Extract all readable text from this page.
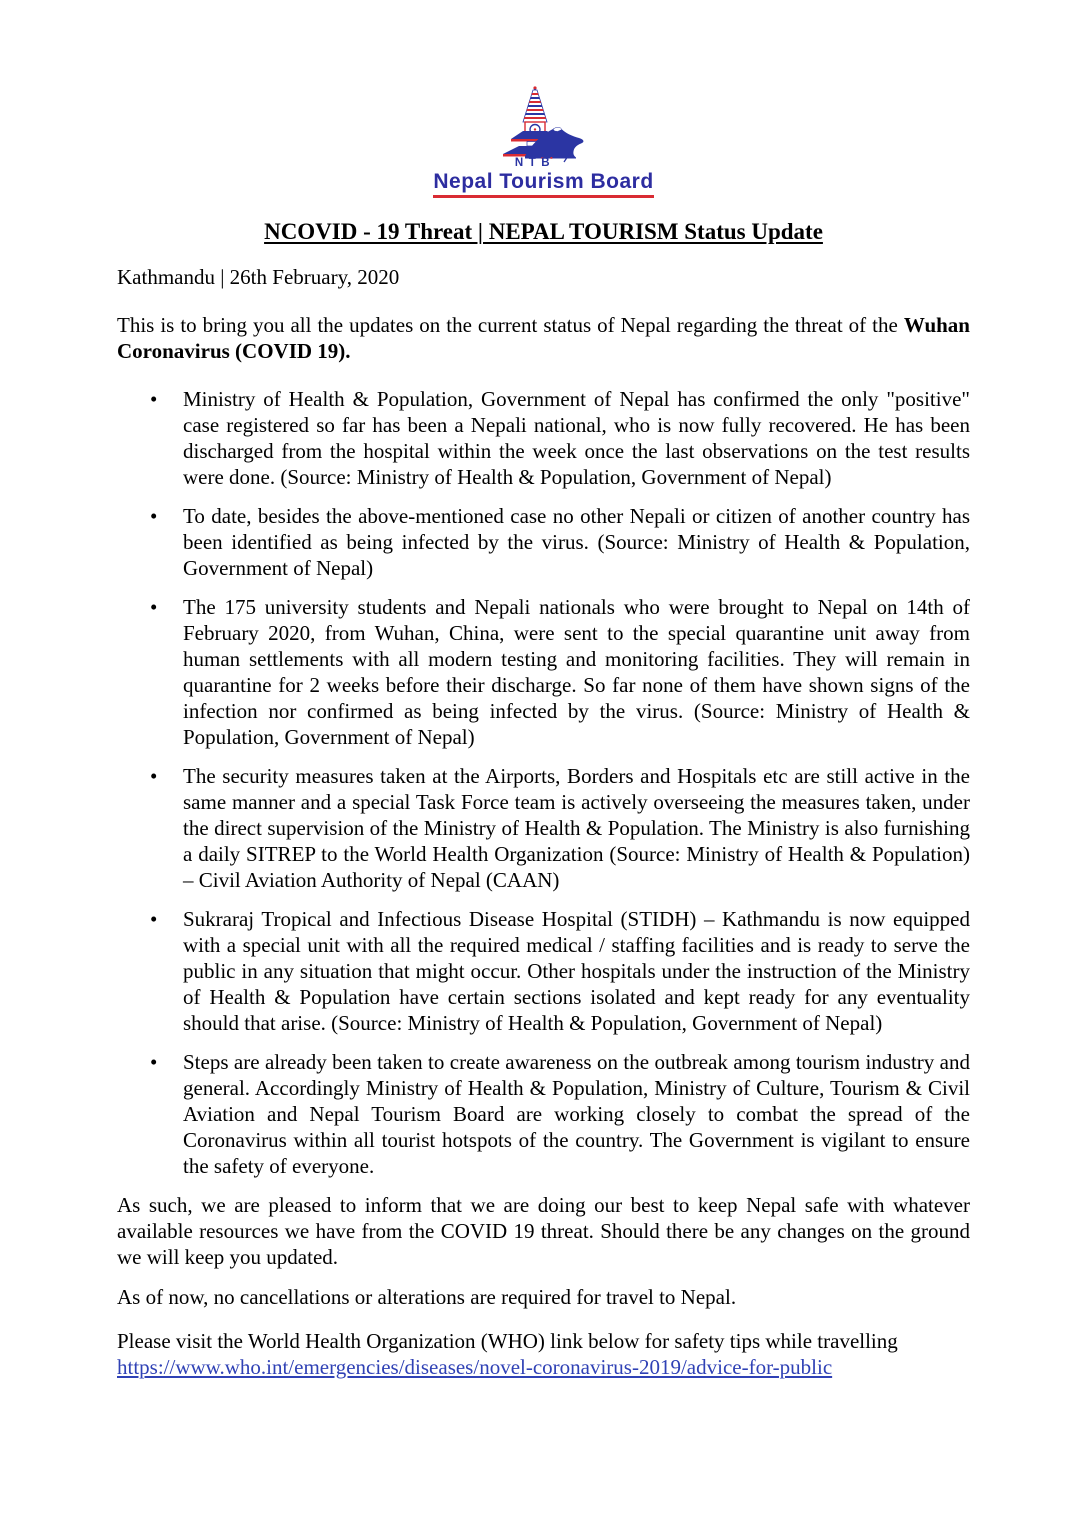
NTB
Nepal Tourism Board
NCOVID - 19 Threat | NEPAL TOURISM Status Update

Kathmandu | 26th February, 2020

This is to bring you all the updates on the current status of Nepal regarding the threat of the Wuhan Coronavirus (COVID 19).

• Ministry of Health & Population, Government of Nepal has confirmed the only "positive" case registered so far has been a Nepali national, who is now fully recovered. He has been discharged from the hospital within the week once the last observations on the test results were done. (Source: Ministry of Health & Population, Government of Nepal)
• To date, besides the above-mentioned case no other Nepali or citizen of another country has been identified as being infected by the virus. (Source: Ministry of Health & Population, Government of Nepal)
• The 175 university students and Nepali nationals who were brought to Nepal on 14th of February 2020, from Wuhan, China, were sent to the special quarantine unit away from human settlements with all modern testing and monitoring facilities. They will remain in quarantine for 2 weeks before their discharge. So far none of them have shown signs of the infection nor confirmed as being infected by the virus. (Source: Ministry of Health & Population, Government of Nepal)
• The security measures taken at the Airports, Borders and Hospitals etc are still active in the same manner and a special Task Force team is actively overseeing the measures taken, under the direct supervision of the Ministry of Health & Population. The Ministry is also furnishing a daily SITREP to the World Health Organization (Source: Ministry of Health & Population) – Civil Aviation Authority of Nepal (CAAN)
• Sukraraj Tropical and Infectious Disease Hospital (STIDH) – Kathmandu is now equipped with a special unit with all the required medical / staffing facilities and is ready to serve the public in any situation that might occur. Other hospitals under the instruction of the Ministry of Health & Population have certain sections isolated and kept ready for any eventuality should that arise. (Source: Ministry of Health & Population, Government of Nepal)
• Steps are already been taken to create awareness on the outbreak among tourism industry and general. Accordingly Ministry of Health & Population, Ministry of Culture, Tourism & Civil Aviation and Nepal Tourism Board are working closely to combat the spread of the Coronavirus within all tourist hotspots of the country. The Government is vigilant to ensure the safety of everyone.

As such, we are pleased to inform that we are doing our best to keep Nepal safe with whatever available resources we have from the COVID 19 threat. Should there be any changes on the ground we will keep you updated.

As of now, no cancellations or alterations are required for travel to Nepal.

Please visit the World Health Organization (WHO) link below for safety tips while travelling

https://www.who.int/emergencies/diseases/novel-coronavirus-2019/advice-for-public
